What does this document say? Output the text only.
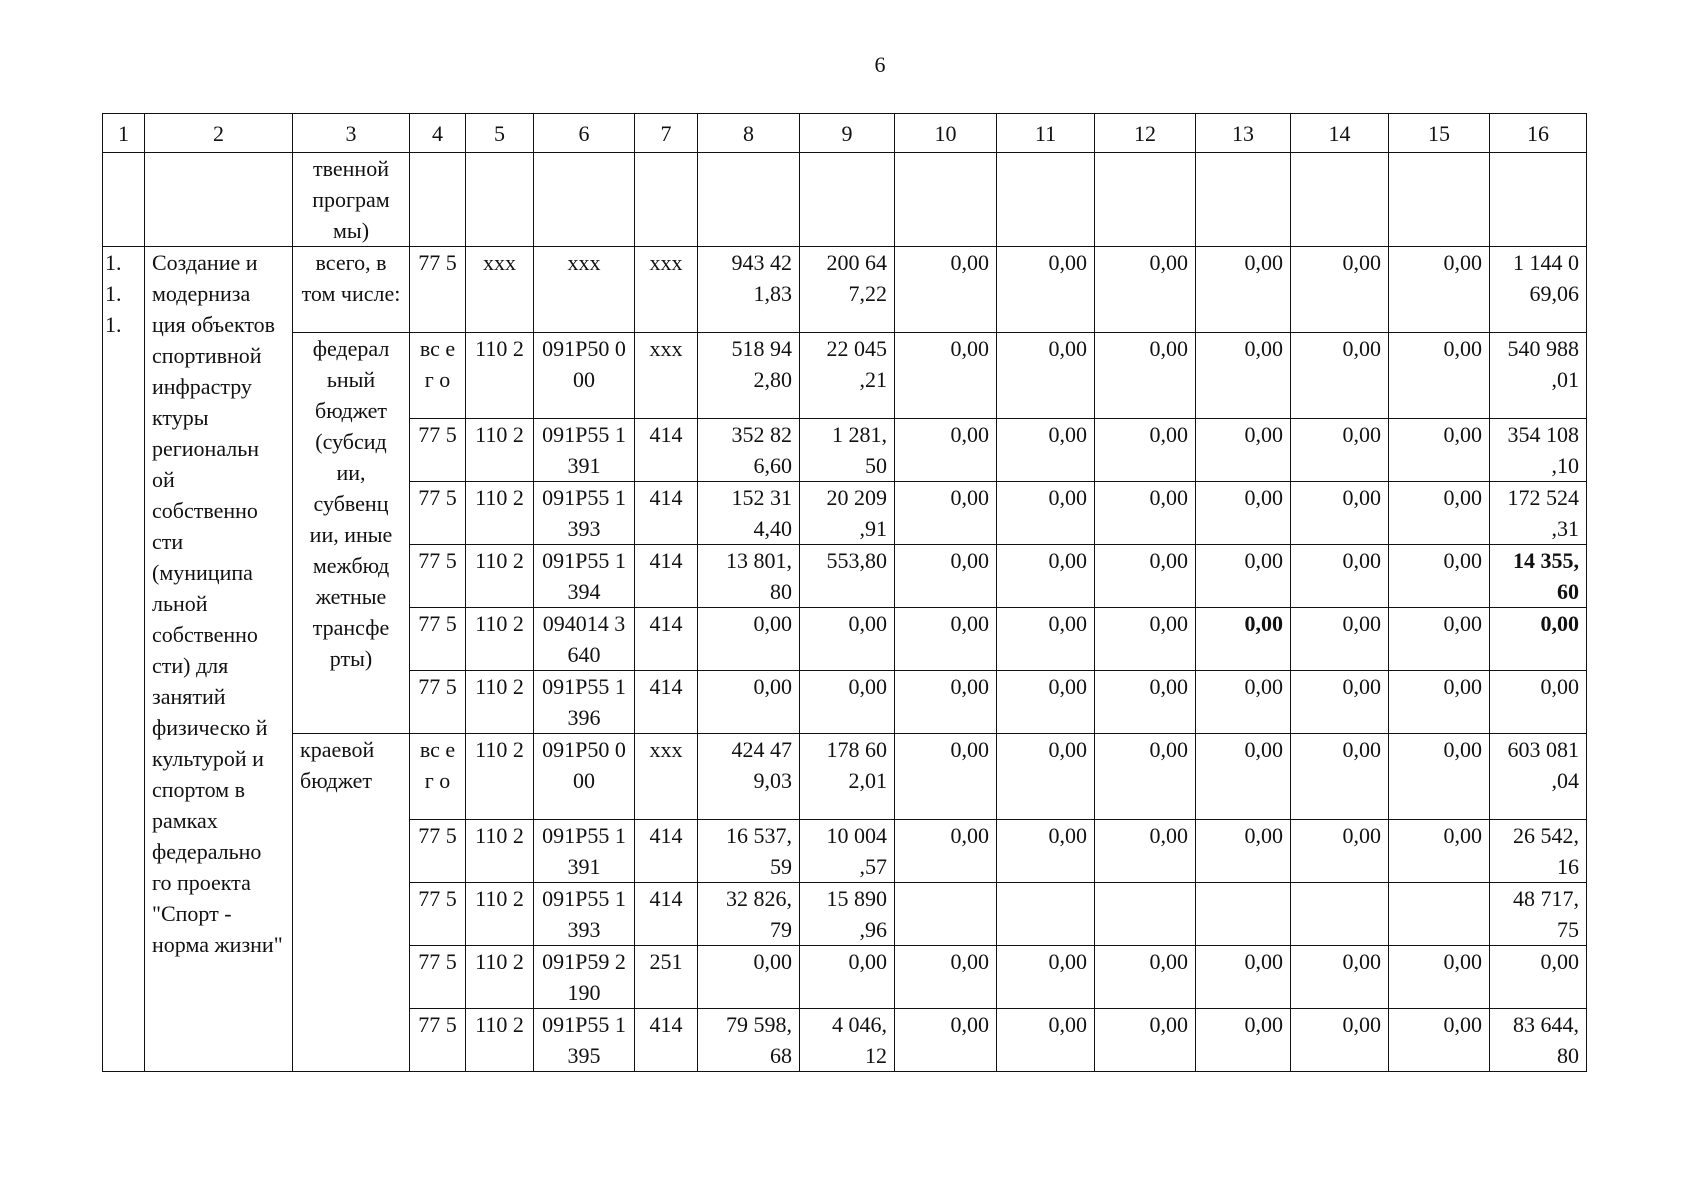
6
1	2	3	4	5	6	7	8	9	10	11	12	13	14	15	16
		твенной програм мы)													
1. 1. 1.	Создание и модерниза ция объектов спортивной инфрастру ктуры региональн ой собственно сти (муниципа льной собственно сти) для занятий физическо й культурой и спортом в рамках федерально го проекта "Спорт - норма жизни"	всего, в том числе:	77 5	ххх	ххх	ххх	943 42 1,83	200 64 7,22	0,00	0,00	0,00	0,00	0,00	0,00	1 144 0 69,06
		федерал ьный бюджет (субсид ии, субвенц ии, иные межбюд жетные трансфе рты)	вс ег о	110 2	091P50 000	ххх	518 94 2,80	22 045 ,21	0,00	0,00	0,00	0,00	0,00	0,00	540 988 ,01
			77 5	110 2	091P55 1391	414	352 82 6,60	1 281, 50	0,00	0,00	0,00	0,00	0,00	0,00	354 108 ,10
			77 5	110 2	091P55 1393	414	152 31 4,40	20 209 ,91	0,00	0,00	0,00	0,00	0,00	0,00	172 524 ,31
			77 5	110 2	091P55 1394	414	13 801, 80	553,80	0,00	0,00	0,00	0,00	0,00	0,00	14 355, 60
			77 5	110 2	094014 3640	414	0,00	0,00	0,00	0,00	0,00	0,00	0,00	0,00	0,00
			77 5	110 2	091P55 1396	414	0,00	0,00	0,00	0,00	0,00	0,00	0,00	0,00	0,00
		краевой бюджет	вс ег о	110 2	091P50 000	ххх	424 47 9,03	178 60 2,01	0,00	0,00	0,00	0,00	0,00	0,00	603 081 ,04
			77 5	110 2	091P55 1391	414	16 537, 59	10 004 ,57	0,00	0,00	0,00	0,00	0,00	0,00	26 542, 16
			77 5	110 2	091P55 1393	414	32 826, 79	15 890 ,96							48 717, 75
			77 5	110 2	091P59 2190	251	0,00	0,00	0,00	0,00	0,00	0,00	0,00	0,00	0,00
			77 5	110 2	091P55 1395	414	79 598, 68	4 046, 12	0,00	0,00	0,00	0,00	0,00	0,00	83 644, 80
